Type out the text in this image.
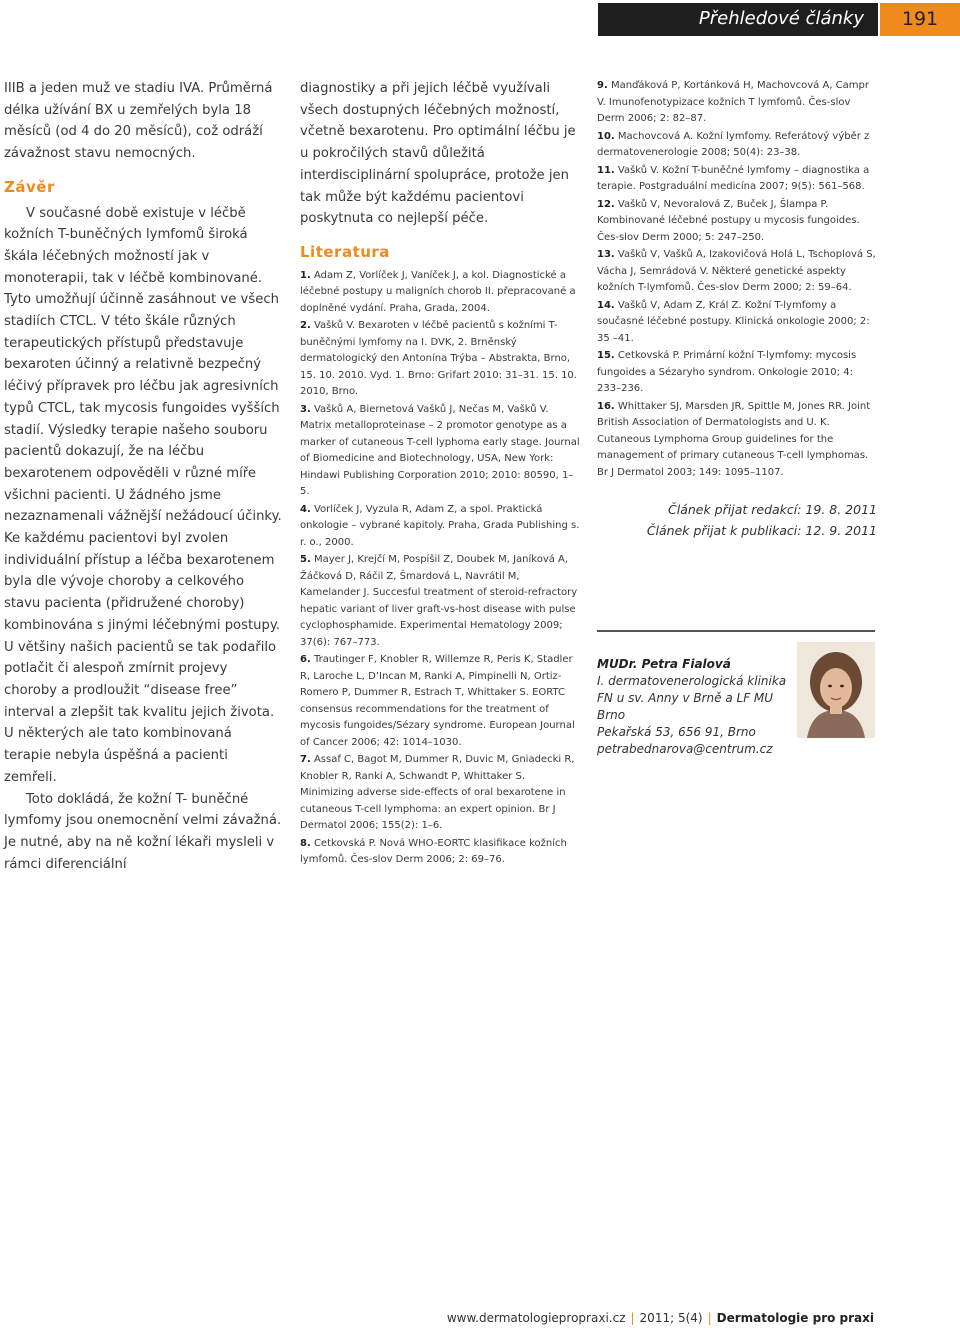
Přehledové články	191

IIIB a jeden muž ve stadiu IVA. Průměrná délka užívání BX u zemřelých byla 18 měsíců (od 4 do 20 měsíců), což odráží závažnost stavu nemocných.

Závěr

V současné době existuje v léčbě kožních T-buněčných lymfomů široká škála léčebných možností jak v monoterapii, tak v léčbě kombinované. Tyto umožňují účinně zasáhnout ve všech stadiích CTCL. V této škále různých terapeutických přístupů představuje bexaroten účinný a relativně bezpečný léčivý přípravek pro léčbu jak agresivních typů CTCL, tak mycosis fungoides vyšších stadií. Výsledky terapie našeho souboru pacientů dokazují, že na léčbu bexarotenem odpověděli v různé míře všichni pacienti. U žádného jsme nezaznamenali vážnější nežádoucí účinky. Ke každému pacientovi byl zvolen individuální přístup a léčba bexarotenem byla dle vývoje choroby a celkového stavu pacienta (přidružené choroby) kombinována s jinými léčebnými postupy. U většiny našich pacientů se tak podařilo potlačit či alespoň zmírnit projevy choroby a prodloužit “disease free” interval a zlepšit tak kvalitu jejich života. U některých ale tato kombinovaná terapie nebyla úspěšná a pacienti zemřeli.

Toto dokládá, že kožní T- buněčné lymfomy jsou onemocnění velmi závažná. Je nutné, aby na ně kožní lékaři mysleli v rámci diferenciální

diagnostiky a při jejich léčbě využívali všech dostupných léčebných možností, včetně bexarotenu. Pro optimální léčbu je u pokročilých stavů důležitá interdisciplinární spolupráce, protože jen tak může být každému pacientovi poskytnuta co nejlepší péče.

Literatura

1. Adam Z, Vorlíček J, Vaníček J, a kol. Diagnostické a léčebné postupy u maligních chorob II. přepracované a doplněné vydání. Praha, Grada, 2004.

2. Vašků V. Bexaroten v léčbě pacientů s kožními T-buněčnými lymfomy na I. DVK, 2. Brněnský dermatologický den Antonína Trýba – Abstrakta, Brno, 15. 10. 2010. Vyd. 1. Brno: Grifart 2010: 31–31. 15. 10. 2010, Brno.

3. Vašků A, Biernetová Vašků J, Nečas M, Vašků V. Matrix metalloproteinase – 2 promotor genotype as a marker of cutaneous T-cell lyphoma early stage. Journal of Biomedicine and Biotechnology, USA, New York: Hindawi Publishing Corporation 2010; 2010: 80590, 1–5.

4. Vorlíček J, Vyzula R, Adam Z, a spol. Praktická onkologie – vybrané kapitoly. Praha, Grada Publishing s. r. o., 2000.

5. Mayer J, Krejčí M, Pospíšil Z, Doubek M, Janíková A, Žáčková D, Ráčil Z, Šmardová L, Navrátil M, Kamelander J. Succesful treatment of steroid-refractory hepatic variant of liver graft-vs-host disease with pulse cyclophosphamide. Experimental Hematology 2009; 37(6): 767–773.

6. Trautinger F, Knobler R, Willemze R, Peris K, Stadler R, Laroche L, D’Incan M, Ranki A, Pimpinelli N, Ortiz-Romero P, Dummer R, Estrach T, Whittaker S. EORTC consensus recommendations for the treatment of mycosis fungoides/Sézary syndrome. European Journal of Cancer 2006; 42: 1014–1030.

7. Assaf C, Bagot M, Dummer R, Duvic M, Gniadecki R, Knobler R, Ranki A, Schwandt P, Whittaker S. Minimizing adverse side-effects of oral bexarotene in cutaneous T-cell lymphoma: an expert opinion. Br J Dermatol 2006; 155(2): 1–6.

8. Cetkovská P. Nová WHO-EORTC klasifikace kožních lymfomů. Čes-slov Derm 2006; 2: 69–76.

9. Manďáková P, Kortánková H, Machovcová A, Campr V. Imunofenotypizace kožních T lymfomů. Čes-slov Derm 2006; 2: 82–87.

10. Machovcová A. Kožní lymfomy. Referátový výběr z dermatovenerologie 2008; 50(4): 23–38.

11. Vašků V. Kožní T-buněčné lymfomy – diagnostika a terapie. Postgraduální medicína 2007; 9(5): 561–568.

12. Vašků V, Nevoralová Z, Buček J, Šlampa P. Kombinované léčebné postupy u mycosis fungoides. Čes-slov Derm 2000; 5: 247–250.

13. Vašků V, Vašků A, Izakovičová Holá L, Tschoplová S, Vácha J, Semrádová V. Některé genetické aspekty kožních T-lymfomů. Čes-slov Derm 2000; 2: 59–64.

14. Vašků V, Adam Z, Král Z. Kožní T-lymfomy a současné léčebné postupy. Klinická onkologie 2000; 2: 35 –41.

15. Cetkovská P. Primární kožní T-lymfomy: mycosis fungoides a Sézaryho syndrom. Onkologie 2010; 4: 233–236.

16. Whittaker SJ, Marsden JR, Spittle M, Jones RR. Joint British Association of Dermatologists and U. K. Cutaneous Lymphoma Group guidelines for the management of primary cutaneous T-cell lymphomas. Br J Dermatol 2003; 149: 1095–1107.

Článek přijat redakcí: 19. 8. 2011
Článek přijat k publikaci: 12. 9. 2011
MUDr. Petra Fialová
I. dermatovenerologická klinika
FN u sv. Anny v Brně a LF MU Brno
Pekařská 53, 656 91, Brno
petrabednarova@centrum.cz
www.dermatologiepropraxi.cz | 2011; 5(4) | Dermatologie pro praxi
